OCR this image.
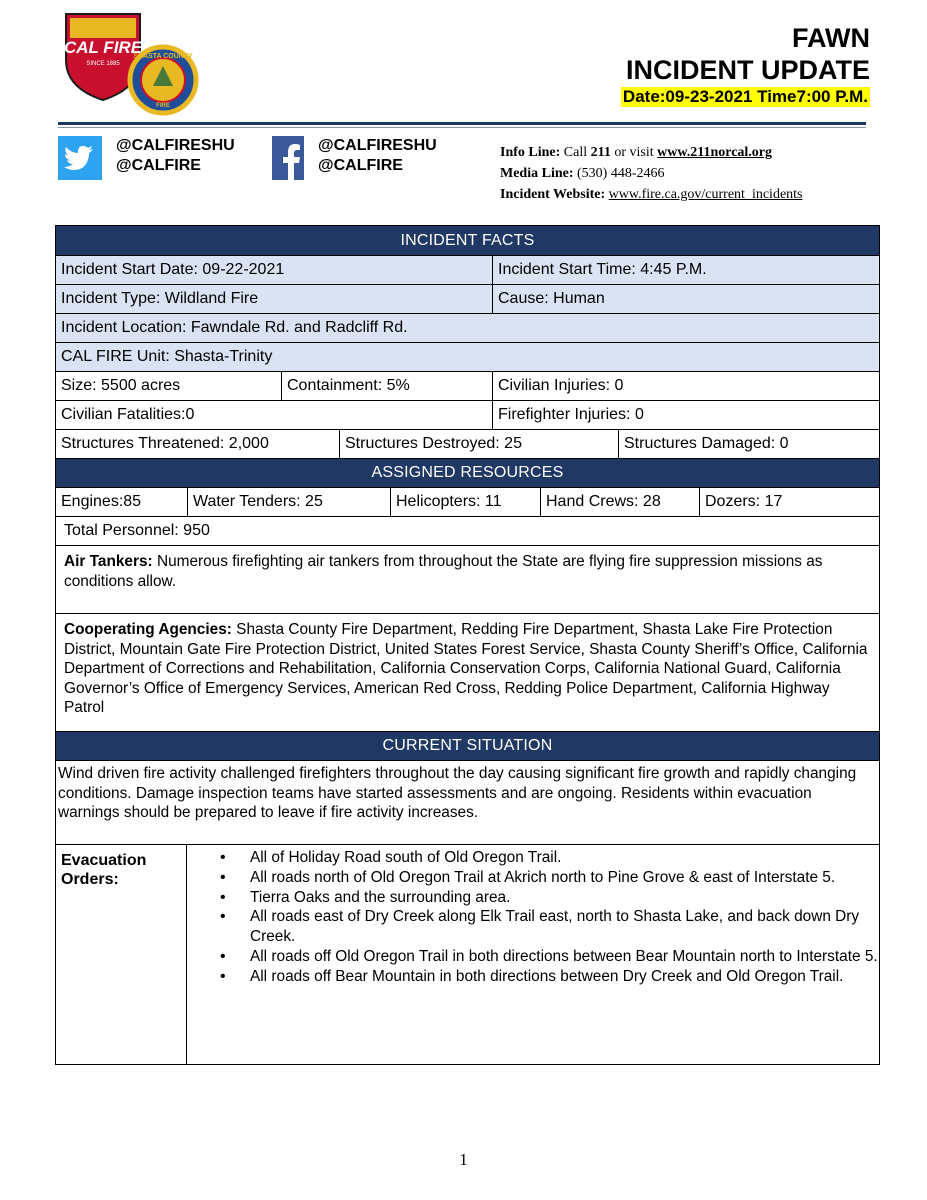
CAL FIRE
SINCE 1885
SHASTA COUNTY
FIRE
FAWN
INCIDENT UPDATE
Date:09-23-2021 Time7:00 P.M.
@CALFIRESHU
@CALFIRE
@CALFIRESHU
@CALFIRE
Info Line: Call 211 or visit www.211norcal.org
Media Line: (530) 448-2466
Incident Website: www.fire.ca.gov/current_incidents
INCIDENT FACTS
Incident Start Date: 09-22-2021	Incident Start Time: 4:45 P.M.
Incident Type: Wildland Fire	Cause: Human
Incident Location: Fawndale Rd. and Radcliff Rd.
CAL FIRE Unit: Shasta-Trinity
Size: 5500 acres	Containment: 5%	Civilian Injuries: 0
Civilian Fatalities:0	Firefighter Injuries: 0
Structures Threatened: 2,000	Structures Destroyed: 25	Structures Damaged: 0
ASSIGNED RESOURCES
Engines:85	Water Tenders: 25	Helicopters: 11	Hand Crews: 28	Dozers: 17
Total Personnel: 950
Air Tankers: Numerous firefighting air tankers from throughout the State are flying fire suppression missions as conditions allow.
Cooperating Agencies: Shasta County Fire Department, Redding Fire Department, Shasta Lake Fire Protection District, Mountain Gate Fire Protection District, United States Forest Service, Shasta County Sheriff’s Office, California Department of Corrections and Rehabilitation, California Conservation Corps, California National Guard, California Governor’s Office of Emergency Services, American Red Cross, Redding Police Department, California Highway Patrol
CURRENT SITUATION
Wind driven fire activity challenged firefighters throughout the day causing significant fire growth and rapidly changing conditions. Damage inspection teams have started assessments and are ongoing. Residents within evacuation warnings should be prepared to leave if fire activity increases.
Evacuation Orders:
• All of Holiday Road south of Old Oregon Trail.
• All roads north of Old Oregon Trail at Akrich north to Pine Grove & east of Interstate 5.
• Tierra Oaks and the surrounding area.
• All roads east of Dry Creek along Elk Trail east, north to Shasta Lake, and back down Dry Creek.
• All roads off Old Oregon Trail in both directions between Bear Mountain north to Interstate 5.
• All roads off Bear Mountain in both directions between Dry Creek and Old Oregon Trail.
1
